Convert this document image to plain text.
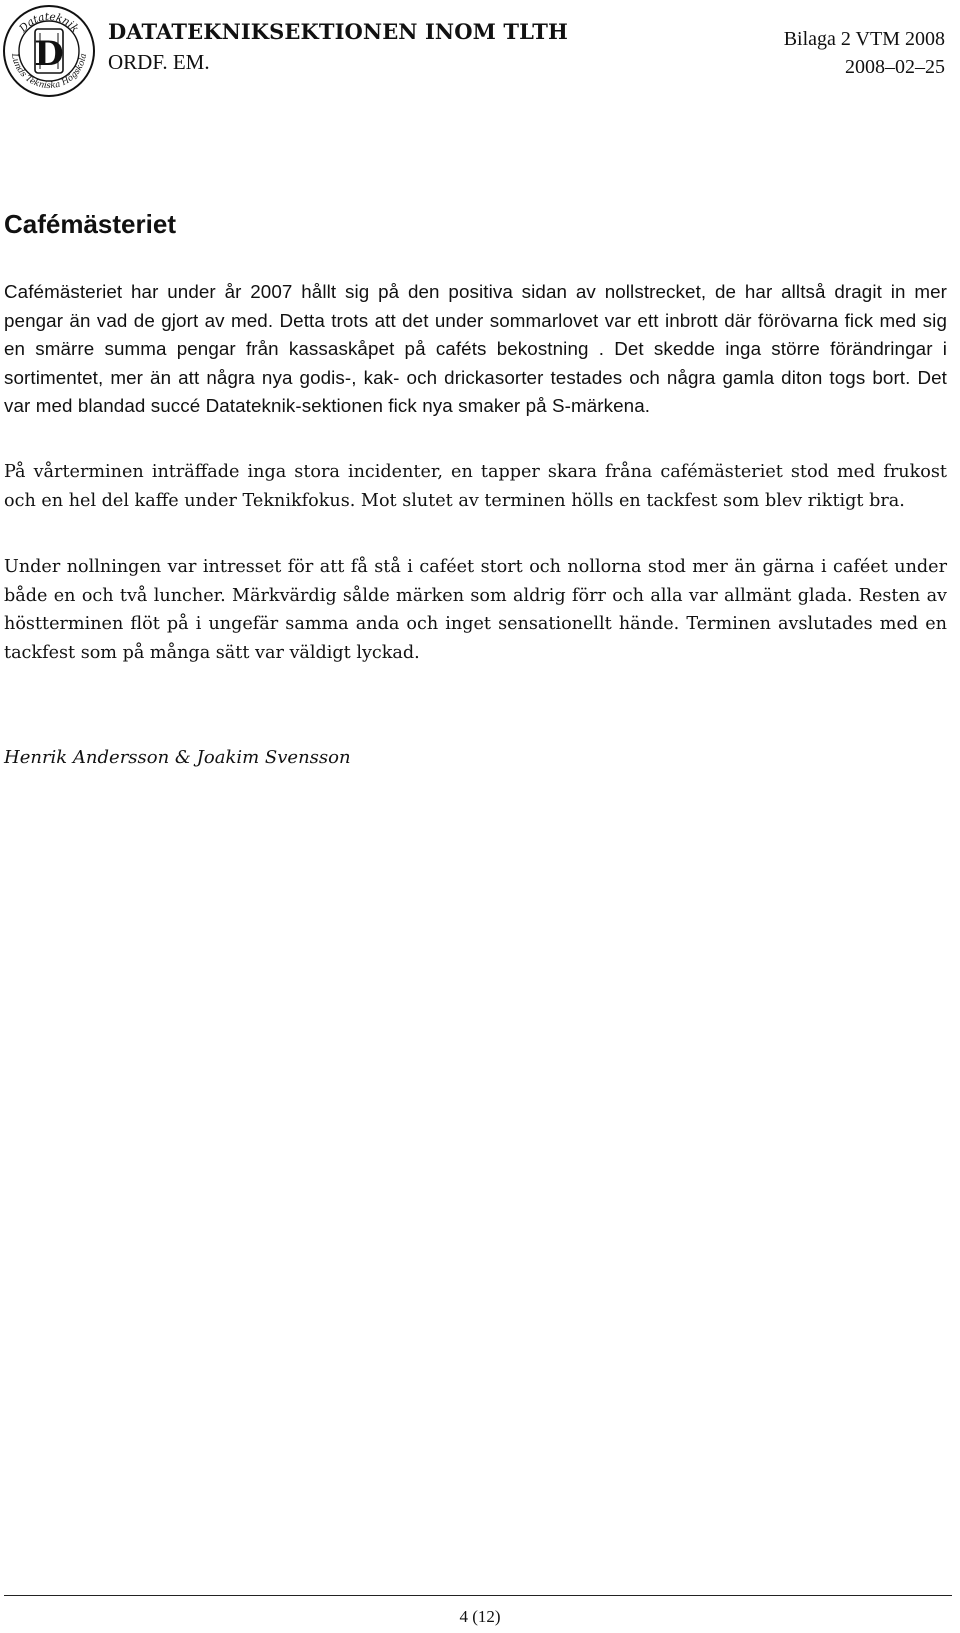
Datateknik
Lunds Tekniska Högskola
D
DATATEKNIKSEKTIONEN INOM TLTH
ORDF. EM.
Bilaga 2 VTM 2008
2008–02–25
Cafémästeriet

Cafémästeriet har under år 2007 hållt sig på den positiva sidan av nollstrecket, de har alltså dragit in mer pengar än vad de gjort av med. Detta trots att det under sommarlovet var ett inbrott där förövarna fick med sig en smärre summa pengar från kassaskåpet på caféts bekostning . Det skedde inga större förändringar i sortimentet, mer än att några nya godis-, kak- och drickasorter testades och några gamla diton togs bort. Det var med blandad succé Datateknik-sektionen fick nya smaker på S-märkena.

På vårterminen inträffade inga stora incidenter, en tapper skara fråna cafémästeriet stod med frukost och en hel del kaffe under Teknikfokus. Mot slutet av terminen hölls en tackfest som blev riktigt bra.

Under nollningen var intresset för att få stå i caféet stort och nollorna stod mer än gärna i caféet under både en och två luncher. Märkvärdig sålde märken som aldrig förr och alla var allmänt glada. Resten av höstterminen flöt på i ungefär samma anda och inget sensationellt hände. Terminen avslutades med en tackfest som på många sätt var väldigt lyckad.

Henrik Andersson & Joakim Svensson

4 (12)
